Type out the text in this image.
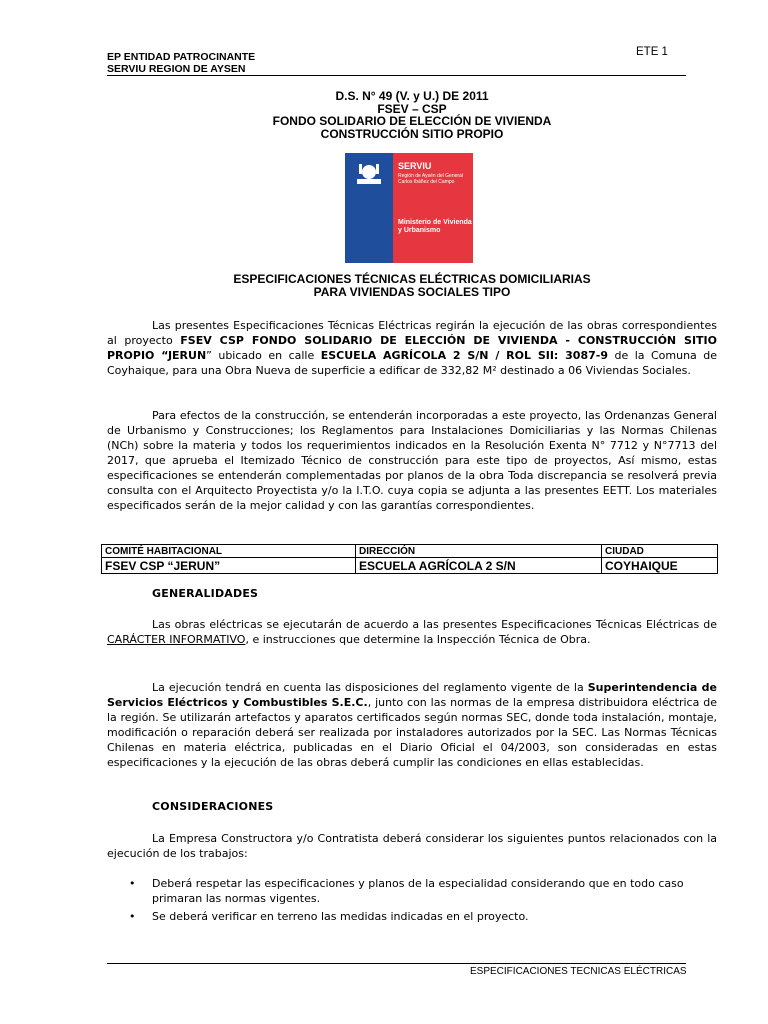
EP ENTIDAD PATROCINANTE
SERVIU REGION DE AYSEN
ETE 1
D.S. N° 49 (V. y U.) DE 2011
FSEV – CSP
FONDO SOLIDARIO DE ELECCIÓN DE VIVIENDA
CONSTRUCCIÓN SITIO PROPIO
SERVIU
Región de Aysén del General Carlos Ibáñez del Campo
Ministerio de Vivienda y Urbanismo
ESPECIFICACIONES TÉCNICAS ELÉCTRICAS DOMICILIARIAS
PARA VIVIENDAS SOCIALES TIPO

Las presentes Especificaciones Técnicas Eléctricas regirán la ejecución de las obras correspondientes al proyecto FSEV CSP FONDO SOLIDARIO DE ELECCIÓN DE VIVIENDA - CONSTRUCCIÓN SITIO PROPIO “JERUN” ubicado en calle ESCUELA AGRÍCOLA 2 S/N / ROL SII: 3087-9 de la Comuna de Coyhaique, para una Obra Nueva de superficie a edificar de 332,82 M² destinado a 06 Viviendas Sociales.

Para efectos de la construcción, se entenderán incorporadas a este proyecto, las Ordenanzas General de Urbanismo y Construcciones; los Reglamentos para Instalaciones Domiciliarias y las Normas Chilenas (NCh) sobre la materia y todos los requerimientos indicados en la Resolución Exenta N° 7712 y N°7713 del 2017, que aprueba el Itemizado Técnico de construcción para este tipo de proyectos, Así mismo, estas especificaciones se entenderán complementadas por planos de la obra Toda discrepancia se resolverá previa consulta con el Arquitecto Proyectista y/o la I.T.O. cuya copia se adjunta a las presentes EETT. Los materiales especificados serán de la mejor calidad y con las garantías correspondientes.

COMITÉ HABITACIONAL	DIRECCIÓN	CIUDAD
FSEV CSP “JERUN”	ESCUELA AGRÍCOLA 2 S/N	COYHAIQUE
GENERALIDADES

Las obras eléctricas se ejecutarán de acuerdo a las presentes Especificaciones Técnicas Eléctricas de CARÁCTER INFORMATIVO, e instrucciones que determine la Inspección Técnica de Obra.

La ejecución tendrá en cuenta las disposiciones del reglamento vigente de la Superintendencia de Servicios Eléctricos y Combustibles S.E.C., junto con las normas de la empresa distribuidora eléctrica de la región. Se utilizarán artefactos y aparatos certificados según normas SEC, donde toda instalación, montaje, modificación o reparación deberá ser realizada por instaladores autorizados por la SEC. Las Normas Técnicas Chilenas en materia eléctrica, publicadas en el Diario Oficial el 04/2003, son consideradas en estas especificaciones y la ejecución de las obras deberá cumplir las condiciones en ellas establecidas.

CONSIDERACIONES

La Empresa Constructora y/o Contratista deberá considerar los siguientes puntos relacionados con la ejecución de los trabajos:

• Deberá respetar las especificaciones y planos de la especialidad considerando que en todo caso primaran las normas vigentes.
• Se deberá verificar en terreno las medidas indicadas en el proyecto.
ESPECIFICACIONES TECNICAS ELÉCTRICAS
